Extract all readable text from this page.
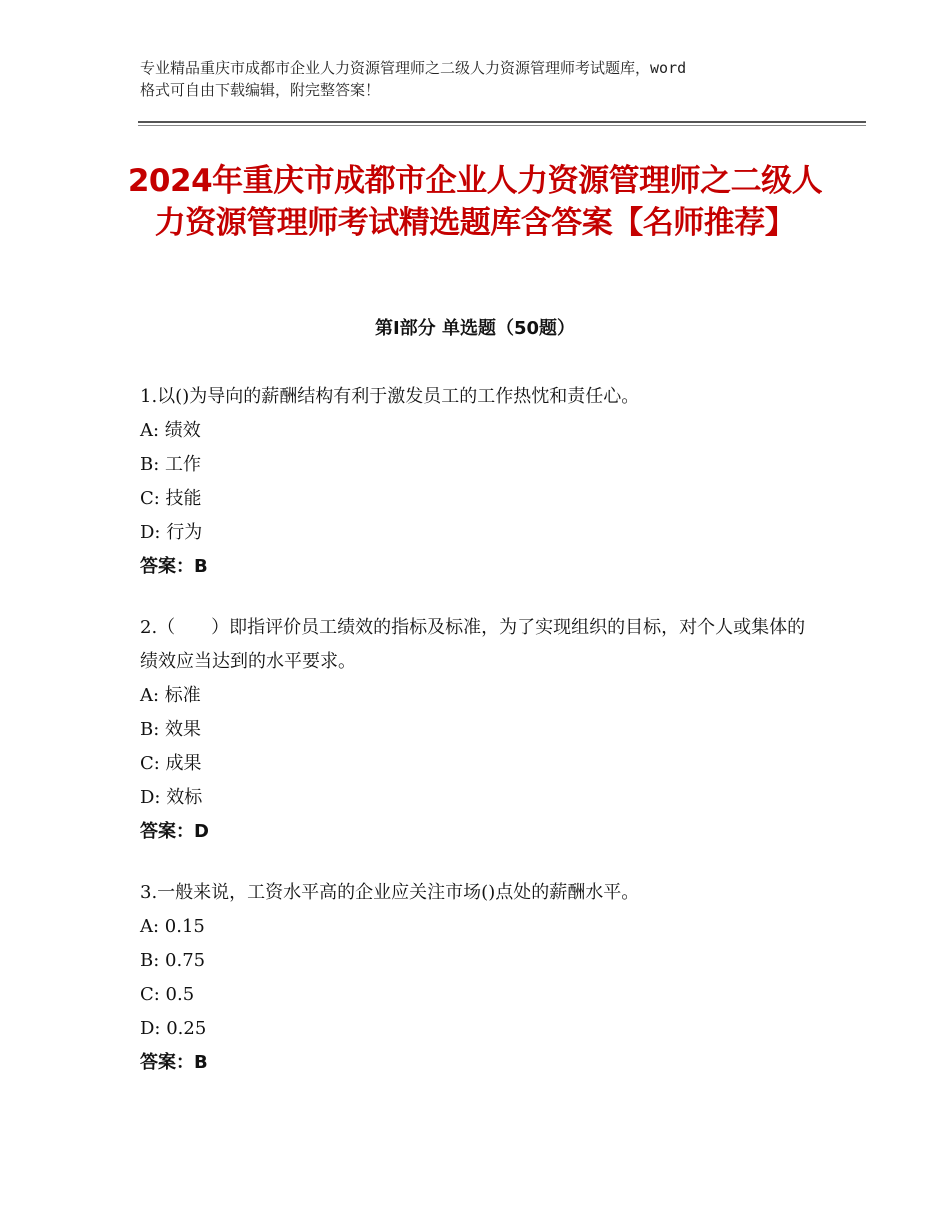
专业精品重庆市成都市企业人力资源管理师之二级人力资源管理师考试题库，word
格式可自由下载编辑，附完整答案！
2024年重庆市成都市企业人力资源管理师之二级人力资源管理师考试精选题库含答案【名师推荐】
第Ⅰ部分 单选题（50题）

1.以()为导向的薪酬结构有利于激发员工的工作热忱和责任心。

A: 绩效

B: 工作

C: 技能

D: 行为

答案：B

2.（　　）即指评价员工绩效的指标及标准，为了实现组织的目标，对个人或集体的绩效应当达到的水平要求。

A: 标准

B: 效果

C: 成果

D: 效标

答案：D

3.一般来说，工资水平高的企业应关注市场()点处的薪酬水平。

A: 0.15

B: 0.75

C: 0.5

D: 0.25

答案：B
